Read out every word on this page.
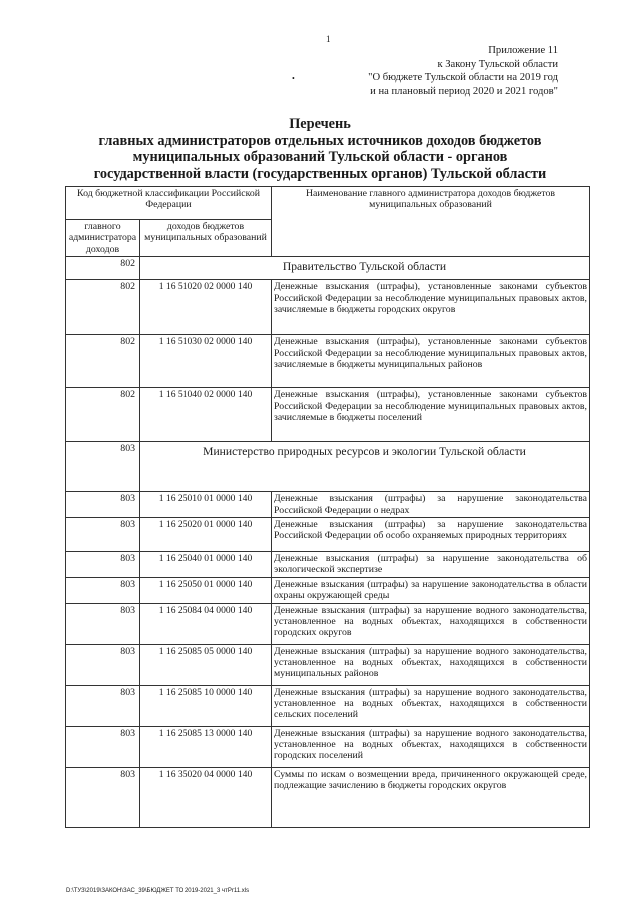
1
Приложение 11
к Закону Тульской области
"О бюджете Тульской области на 2019 год
и на плановый период 2020 и 2021 годов"
•
Перечень
главных администраторов отдельных источников доходов бюджетов
муниципальных образований Тульской области - органов
государственной власти (государственных органов) Тульской области
Код бюджетной классификации Российской Федерации		Наименование главного администратора доходов бюджетов муниципальных образований
главного администратора доходов	доходов бюджетов муниципальных образований	
802	Правительство Тульской области	
802	1 16 51020 02 0000 140	Денежные взыскания (штрафы), установленные законами субъектов Российской Федерации за несоблюдение муниципальных правовых актов, зачисляемые в бюджеты городских округов
802	1 16 51030 02 0000 140	Денежные взыскания (штрафы), установленные законами субъектов Российской Федерации за несоблюдение муниципальных правовых актов, зачисляемые в бюджеты муниципальных районов
802	1 16 51040 02 0000 140	Денежные взыскания (штрафы), установленные законами субъектов Российской Федерации за несоблюдение муниципальных правовых актов, зачисляемые в бюджеты поселений
803	Министерство природных ресурсов и экологии Тульской области	
803	1 16 25010 01 0000 140	Денежные взыскания (штрафы) за нарушение законодательства Российской Федерации о недрах
803	1 16 25020 01 0000 140	Денежные взыскания (штрафы) за нарушение законодательства Российской Федерации об особо охраняемых природных территориях
803	1 16 25040 01 0000 140	Денежные взыскания (штрафы) за нарушение законодательства об экологической экспертизе
803	1 16 25050 01 0000 140	Денежные взыскания (штрафы) за нарушение законодательства в области охраны окружающей среды
803	1 16 25084 04 0000 140	Денежные взыскания (штрафы) за нарушение водного законодательства, установленное на водных объектах, находящихся в собственности городских округов
803	1 16 25085 05 0000 140	Денежные взыскания (штрафы) за нарушение водного законодательства, установленное на водных объектах, находящихся в собственности муниципальных районов
803	1 16 25085 10 0000 140	Денежные взыскания (штрафы) за нарушение водного законодательства, установленное на водных объектах, находящихся в собственности сельских поселений
803	1 16 25085 13 0000 140	Денежные взыскания (штрафы) за нарушение водного законодательства, установленное на водных объектах, находящихся в собственности городских поселений
803	1 16 35020 04 0000 140	Суммы по искам о возмещении вреда, причиненного окружающей среде, подлежащие зачислению в бюджеты городских округов
D:\ТУЗ\2019\ЗАКОН\ЗАС_39\БЮДЖЕТ ТО 2019-2021_3 чтPr11.xls
